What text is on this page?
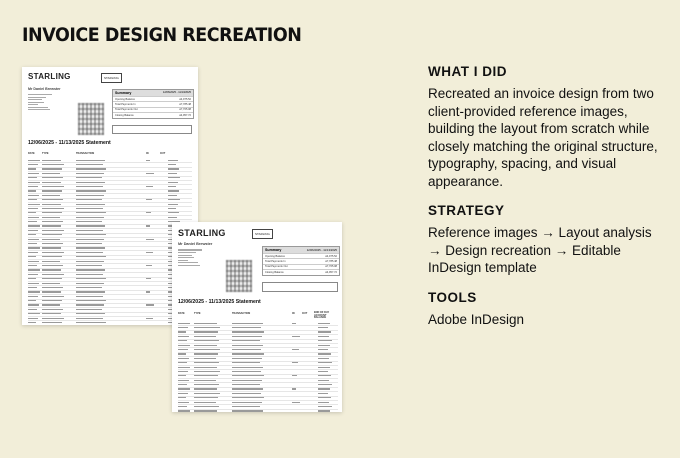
INVOICE DESIGN RECREATION
STARLING	STARLING
Mr Daniel Brewster
Summary	12/06/2025 - 11/13/2025
Opening Balance	£4,975.52
Total Payments In	£7,785.48
Total Payments Out	£7,765.08
Closing Balance	£4,957.72
12/06/2025 - 11/13/2025 Statement
DATE	TYPE	TRANSACTION	IN	OUT
STARLING	STARLING
Mr Daniel Brewster
Summary	12/06/2025 - 11/13/2025
Opening Balance	£4,975.52
Total Payments In	£7,785.48
Total Payments Out	£7,765.08
Closing Balance	£4,957.72
12/06/2025 - 11/13/2025 Statement
DATE	TYPE	TRANSACTION	IN	OUT	END OF DAY ACCOUNT BALANCE
WHAT I DID
Recreated an invoice design from two client-provided reference images, building the layout from scratch while closely matching the original structure, typography, spacing, and visual appearance.
STRATEGY
Reference images → Layout analysis → Design recreation → Editable InDesign template
TOOLS
Adobe InDesign
